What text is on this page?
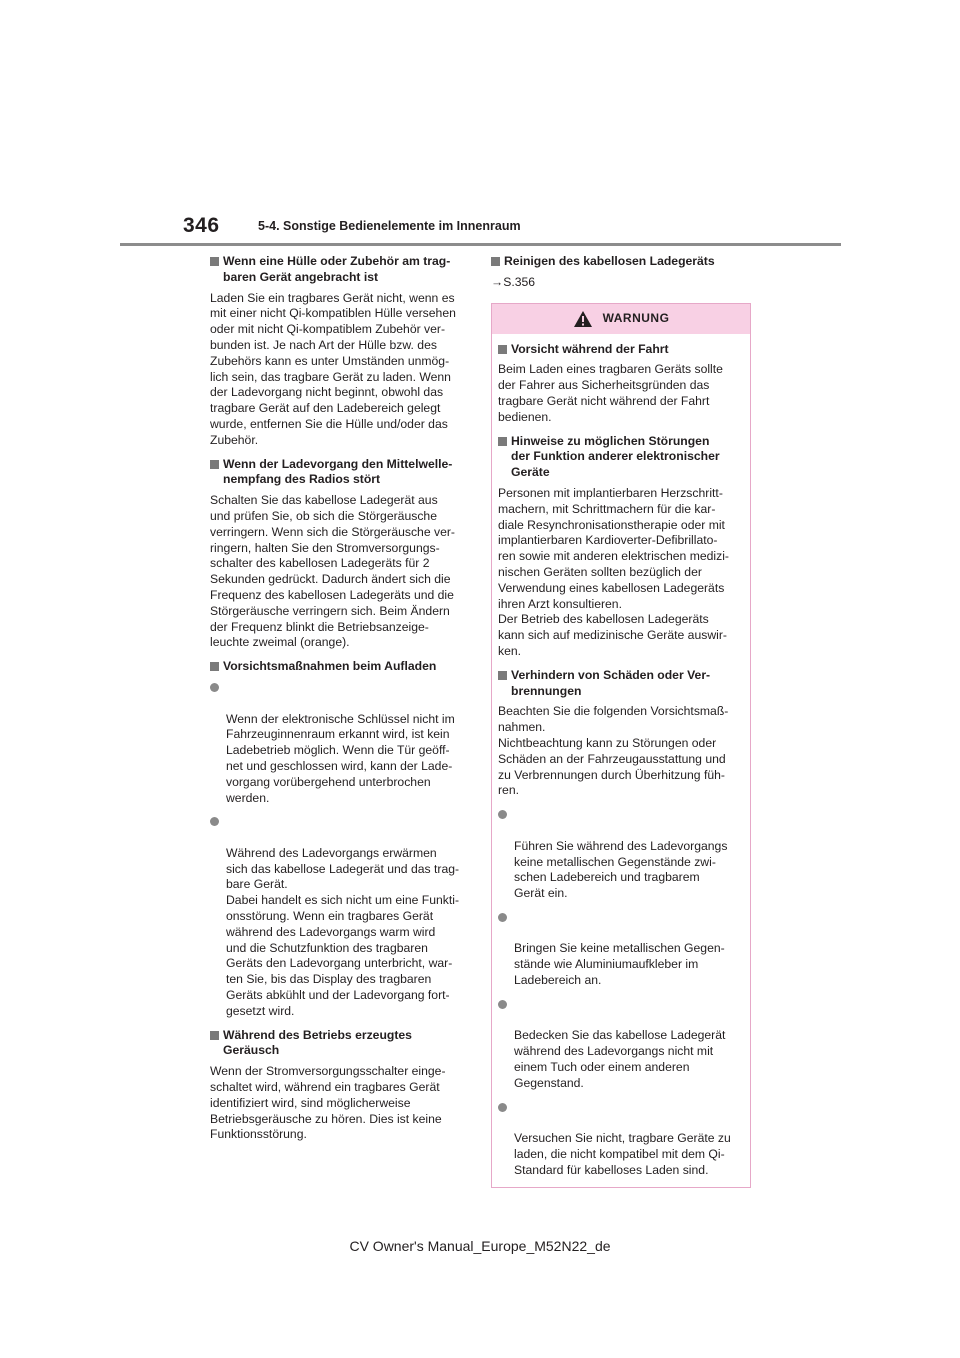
346	5-4. Sonstige Bedienelemente im Innenraum
Wenn eine Hülle oder Zubehör am trag-
baren Gerät angebracht ist

Laden Sie ein tragbares Gerät nicht, wenn es
mit einer nicht Qi-kompatiblen Hülle versehen
oder mit nicht Qi-kompatiblem Zubehör ver-
bunden ist. Je nach Art der Hülle bzw. des
Zubehörs kann es unter Umständen unmög-
lich sein, das tragbare Gerät zu laden. Wenn
der Ladevorgang nicht beginnt, obwohl das
tragbare Gerät auf den Ladebereich gelegt
wurde, entfernen Sie die Hülle und/oder das
Zubehör.

Wenn der Ladevorgang den Mittelwelle-
nempfang des Radios stört

Schalten Sie das kabellose Ladegerät aus
und prüfen Sie, ob sich die Störgeräusche
verringern. Wenn sich die Störgeräusche ver-
ringern, halten Sie den Stromversorgungs-
schalter des kabellosen Ladegeräts für 2
Sekunden gedrückt. Dadurch ändert sich die
Frequenz des kabellosen Ladegeräts und die
Störgeräusche verringern sich. Beim Ändern
der Frequenz blinkt die Betriebsanzeige-
leuchte zweimal (orange).

Vorsichtsmaßnahmen beim Aufladen

Wenn der elektronische Schlüssel nicht im
Fahrzeuginnenraum erkannt wird, ist kein
Ladebetrieb möglich. Wenn die Tür geöff-
net und geschlossen wird, kann der Lade-
vorgang vorübergehend unterbrochen
werden.

Während des Ladevorgangs erwärmen
sich das kabellose Ladegerät und das trag-
bare Gerät.
Dabei handelt es sich nicht um eine Funkti-
onsstörung. Wenn ein tragbares Gerät
während des Ladevorgangs warm wird
und die Schutzfunktion des tragbaren
Geräts den Ladevorgang unterbricht, war-
ten Sie, bis das Display des tragbaren
Geräts abkühlt und der Ladevorgang fort-
gesetzt wird.

Während des Betriebs erzeugtes
Geräusch

Wenn der Stromversorgungsschalter einge-
schaltet wird, während ein tragbares Gerät
identifiziert wird, sind möglicherweise
Betriebsgeräusche zu hören. Dies ist keine
Funktionsstörung.

Reinigen des kabellosen Ladegeräts
→S.356
WARNUNG
Vorsicht während der Fahrt

Beim Laden eines tragbaren Geräts sollte
der Fahrer aus Sicherheitsgründen das
tragbare Gerät nicht während der Fahrt
bedienen.

Hinweise zu möglichen Störungen
der Funktion anderer elektronischer
Geräte

Personen mit implantierbaren Herzschritt-
machern, mit Schrittmachern für die kar-
diale Resynchronisationstherapie oder mit
implantierbaren Kardioverter-Defibrillato-
ren sowie mit anderen elektrischen medizi-
nischen Geräten sollten bezüglich der
Verwendung eines kabellosen Ladegeräts
ihren Arzt konsultieren.
Der Betrieb des kabellosen Ladegeräts
kann sich auf medizinische Geräte auswir-
ken.

Verhindern von Schäden oder Ver-
brennungen

Beachten Sie die folgenden Vorsichtsmaß-
nahmen.
Nichtbeachtung kann zu Störungen oder
Schäden an der Fahrzeugausstattung und
zu Verbrennungen durch Überhitzung füh-
ren.

Führen Sie während des Ladevorgangs
keine metallischen Gegenstände zwi-
schen Ladebereich und tragbarem
Gerät ein.

Bringen Sie keine metallischen Gegen-
stände wie Aluminiumaufkleber im
Ladebereich an.

Bedecken Sie das kabellose Ladegerät
während des Ladevorgangs nicht mit
einem Tuch oder einem anderen
Gegenstand.

Versuchen Sie nicht, tragbare Geräte zu
laden, die nicht kompatibel mit dem Qi-
Standard für kabelloses Laden sind.

CV Owner's Manual_Europe_M52N22_de
